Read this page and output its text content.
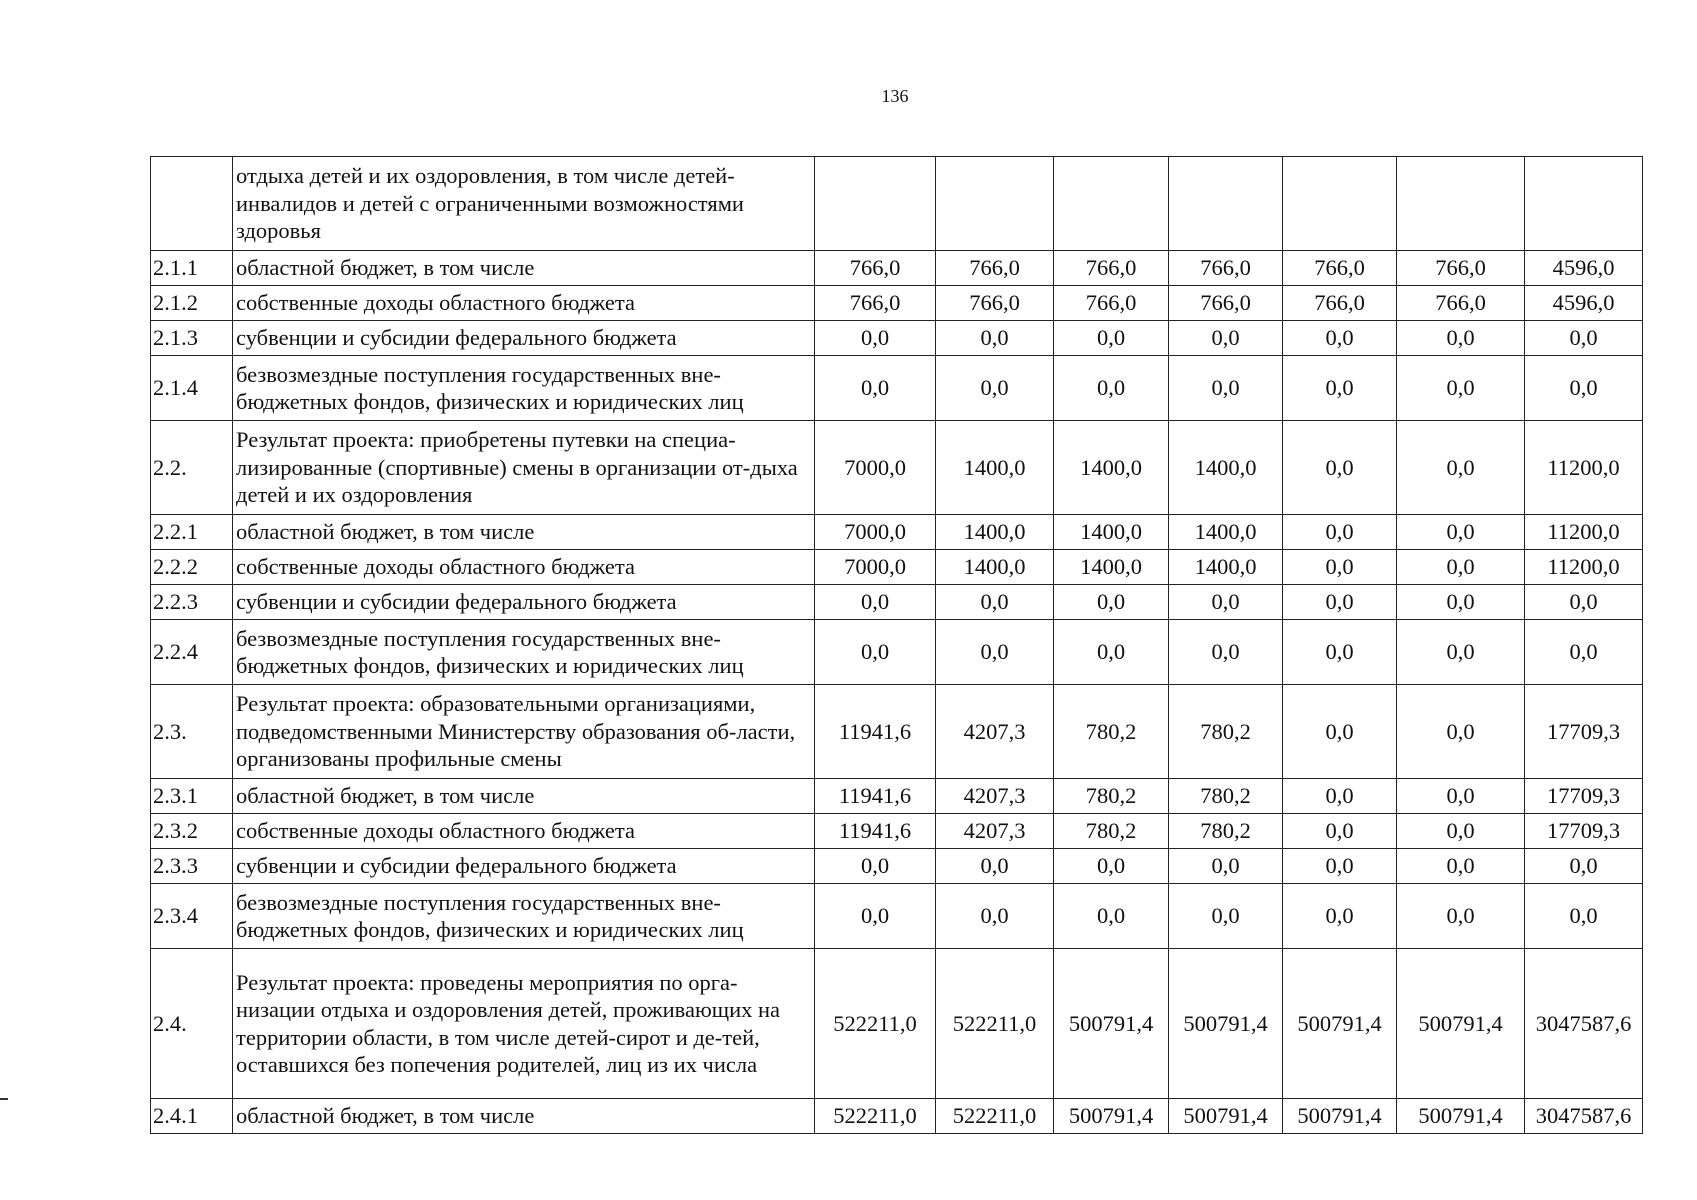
136
	отдыха детей и их оздоровления, в том числе детей-инвалидов и детей с ограниченными возможностями здоровья							
2.1.1	областной бюджет, в том числе	766,0	766,0	766,0	766,0	766,0	766,0	4596,0
2.1.2	собственные доходы областного бюджета	766,0	766,0	766,0	766,0	766,0	766,0	4596,0
2.1.3	субвенции и субсидии федерального бюджета	0,0	0,0	0,0	0,0	0,0	0,0	0,0
2.1.4	безвозмездные поступления государственных вне-бюджетных фондов, физических и юридических лиц	0,0	0,0	0,0	0,0	0,0	0,0	0,0
2.2.	Результат проекта: приобретены путевки на специа-лизированные (спортивные) смены в организации от-дыха детей и их оздоровления	7000,0	1400,0	1400,0	1400,0	0,0	0,0	11200,0
2.2.1	областной бюджет, в том числе	7000,0	1400,0	1400,0	1400,0	0,0	0,0	11200,0
2.2.2	собственные доходы областного бюджета	7000,0	1400,0	1400,0	1400,0	0,0	0,0	11200,0
2.2.3	субвенции и субсидии федерального бюджета	0,0	0,0	0,0	0,0	0,0	0,0	0,0
2.2.4	безвозмездные поступления государственных вне-бюджетных фондов, физических и юридических лиц	0,0	0,0	0,0	0,0	0,0	0,0	0,0
2.3.	Результат проекта: образовательными организациями, подведомственными Министерству образования об-ласти, организованы профильные смены	11941,6	4207,3	780,2	780,2	0,0	0,0	17709,3
2.3.1	областной бюджет, в том числе	11941,6	4207,3	780,2	780,2	0,0	0,0	17709,3
2.3.2	собственные доходы областного бюджета	11941,6	4207,3	780,2	780,2	0,0	0,0	17709,3
2.3.3	субвенции и субсидии федерального бюджета	0,0	0,0	0,0	0,0	0,0	0,0	0,0
2.3.4	безвозмездные поступления государственных вне-бюджетных фондов, физических и юридических лиц	0,0	0,0	0,0	0,0	0,0	0,0	0,0
2.4.	Результат проекта: проведены мероприятия по орга-низации отдыха и оздоровления детей, проживающих на территории области, в том числе детей-сирот и де-тей, оставшихся без попечения родителей, лиц из их числа	522211,0	522211,0	500791,4	500791,4	500791,4	500791,4	3047587,6
2.4.1	областной бюджет, в том числе	522211,0	522211,0	500791,4	500791,4	500791,4	500791,4	3047587,6
